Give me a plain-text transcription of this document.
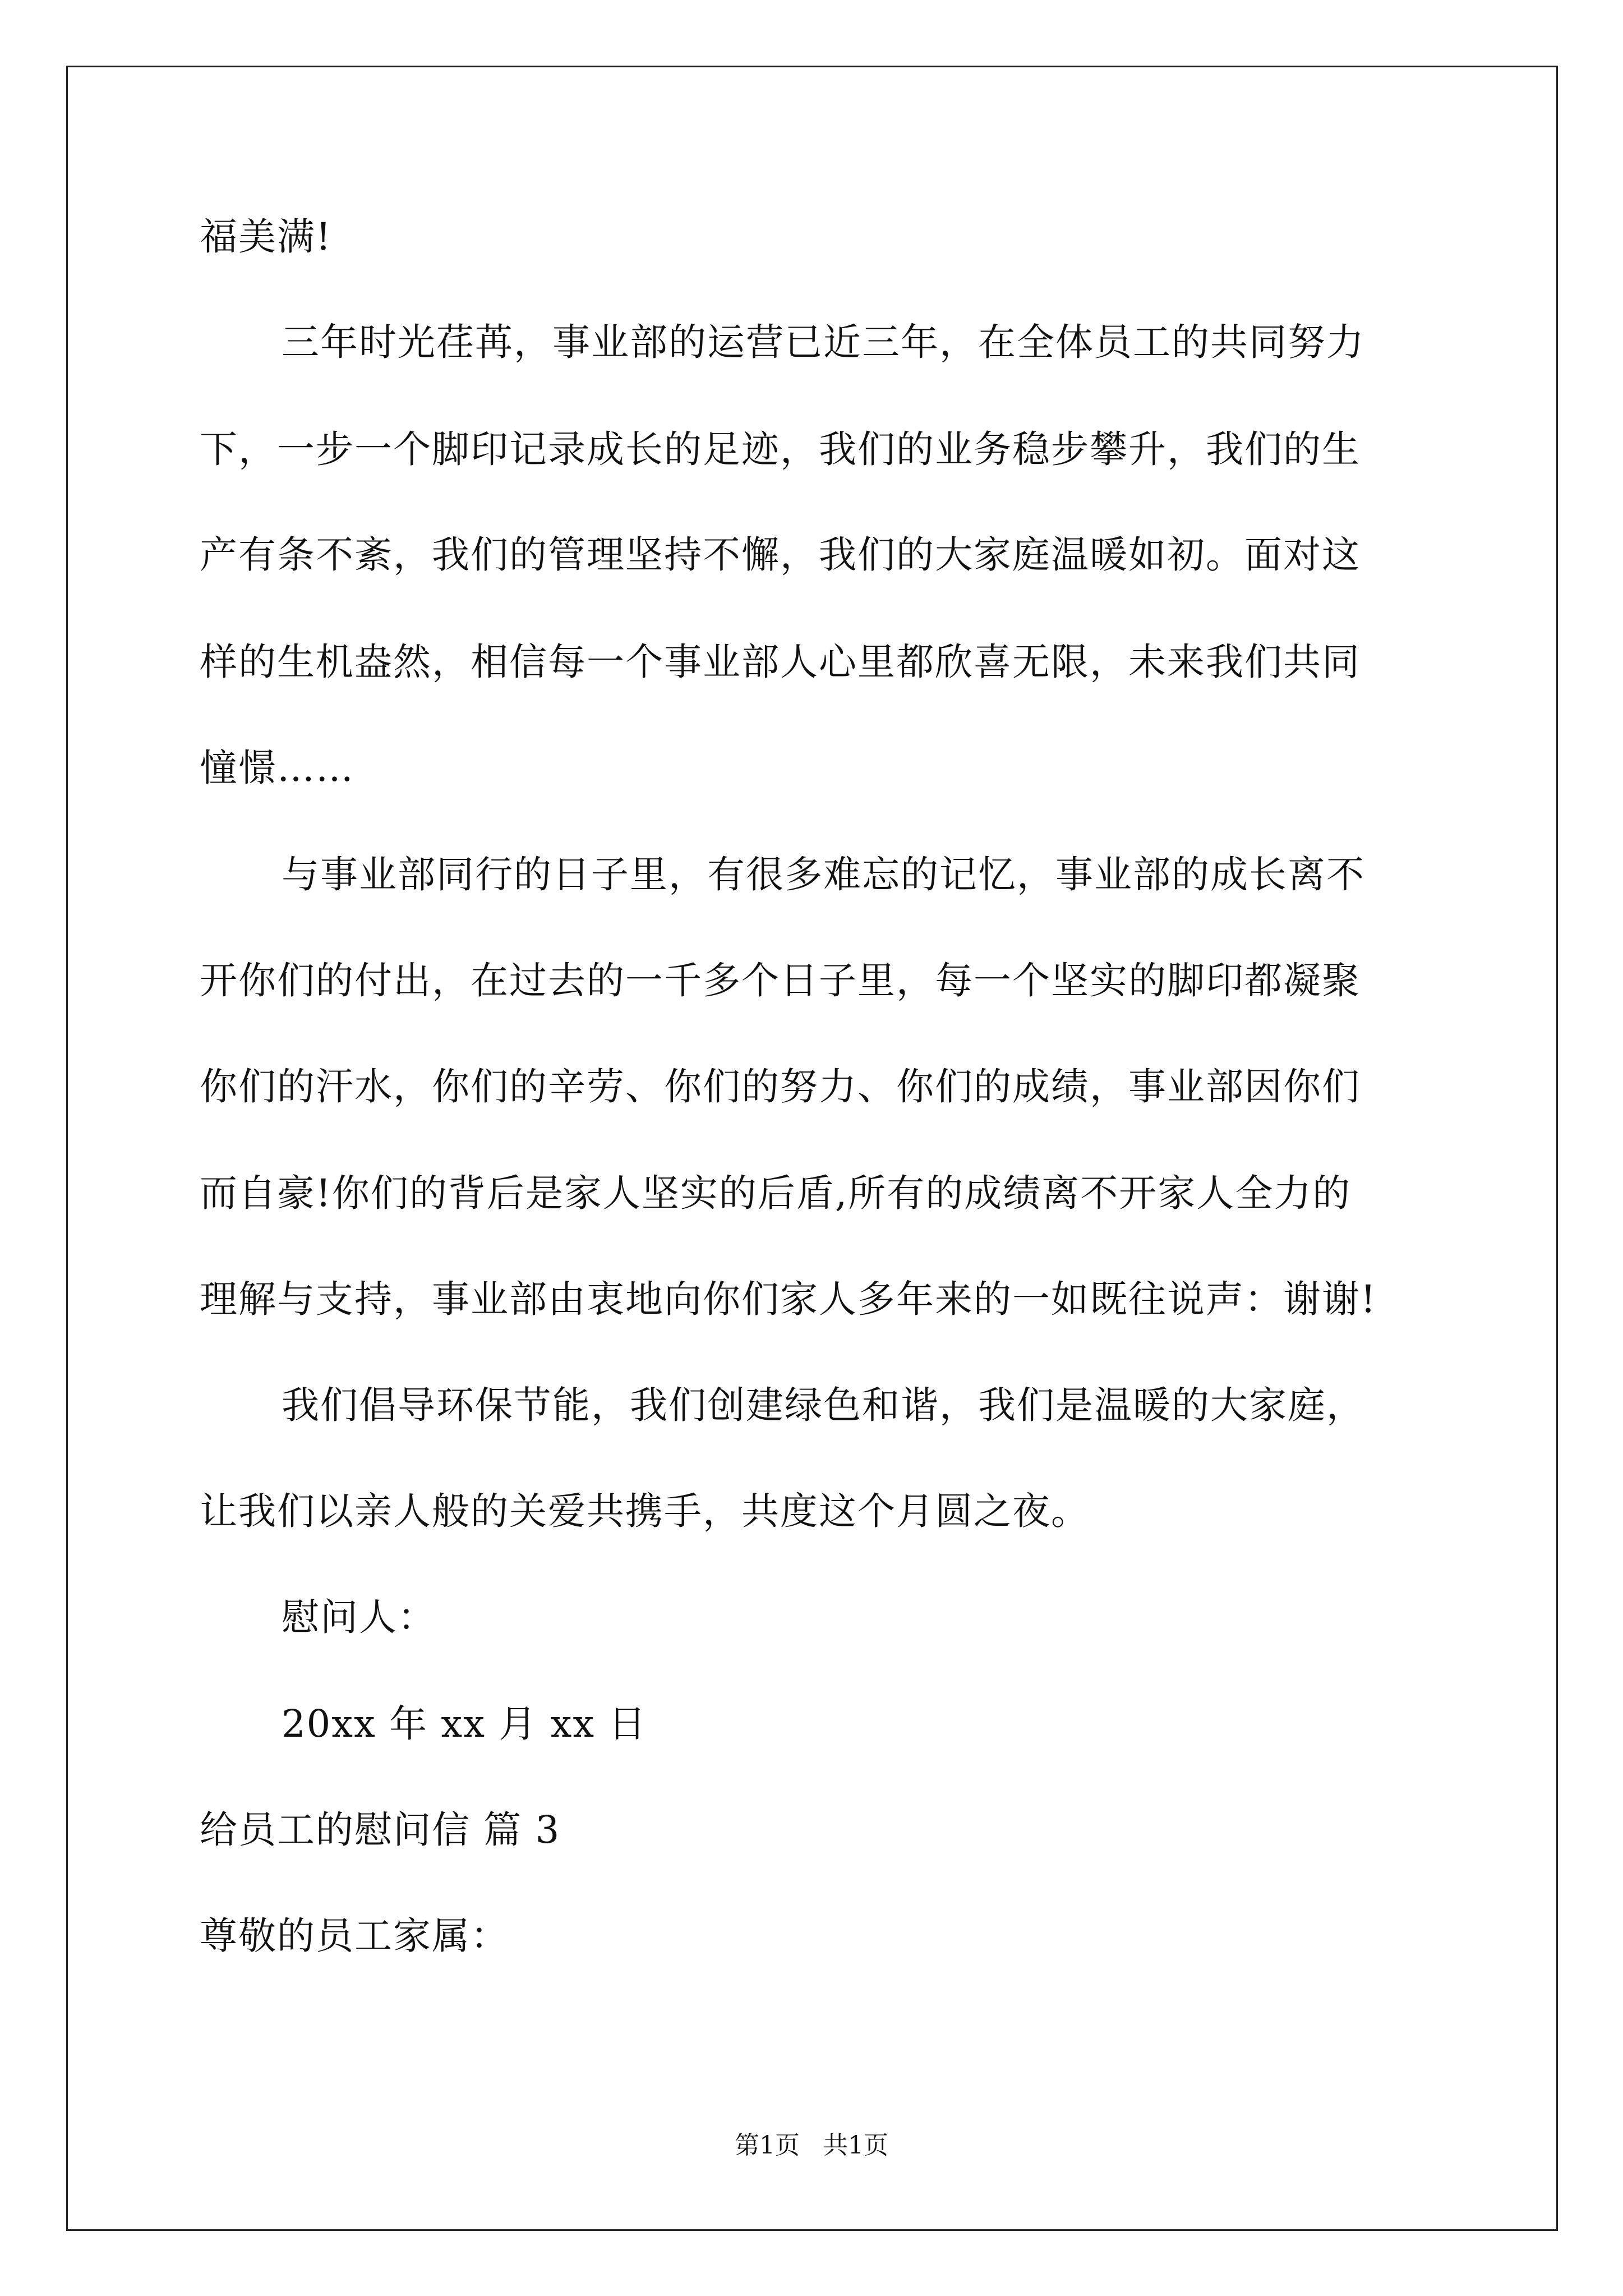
福美满!
三年时光荏苒，事业部的运营已近三年，在全体员工的共同努力
下，一步一个脚印记录成长的足迹，我们的业务稳步攀升，我们的生
产有条不紊，我们的管理坚持不懈，我们的大家庭温暖如初。面对这
样的生机盎然，相信每一个事业部人心里都欣喜无限，未来我们共同
憧憬……
与事业部同行的日子里，有很多难忘的记忆，事业部的成长离不
开你们的付出，在过去的一千多个日子里，每一个坚实的脚印都凝聚
你们的汗水，你们的辛劳、你们的努力、你们的成绩，事业部因你们
而自豪!你们的背后是家人坚实的后盾,所有的成绩离不开家人全力的
理解与支持，事业部由衷地向你们家人多年来的一如既往说声：谢谢!
我们倡导环保节能，我们创建绿色和谐，我们是温暖的大家庭，
让我们以亲人般的关爱共携手，共度这个月圆之夜。
慰问人：
20xx 年 xx 月 xx 日
给员工的慰问信 篇 3
尊敬的员工家属：
第1页   共1页
